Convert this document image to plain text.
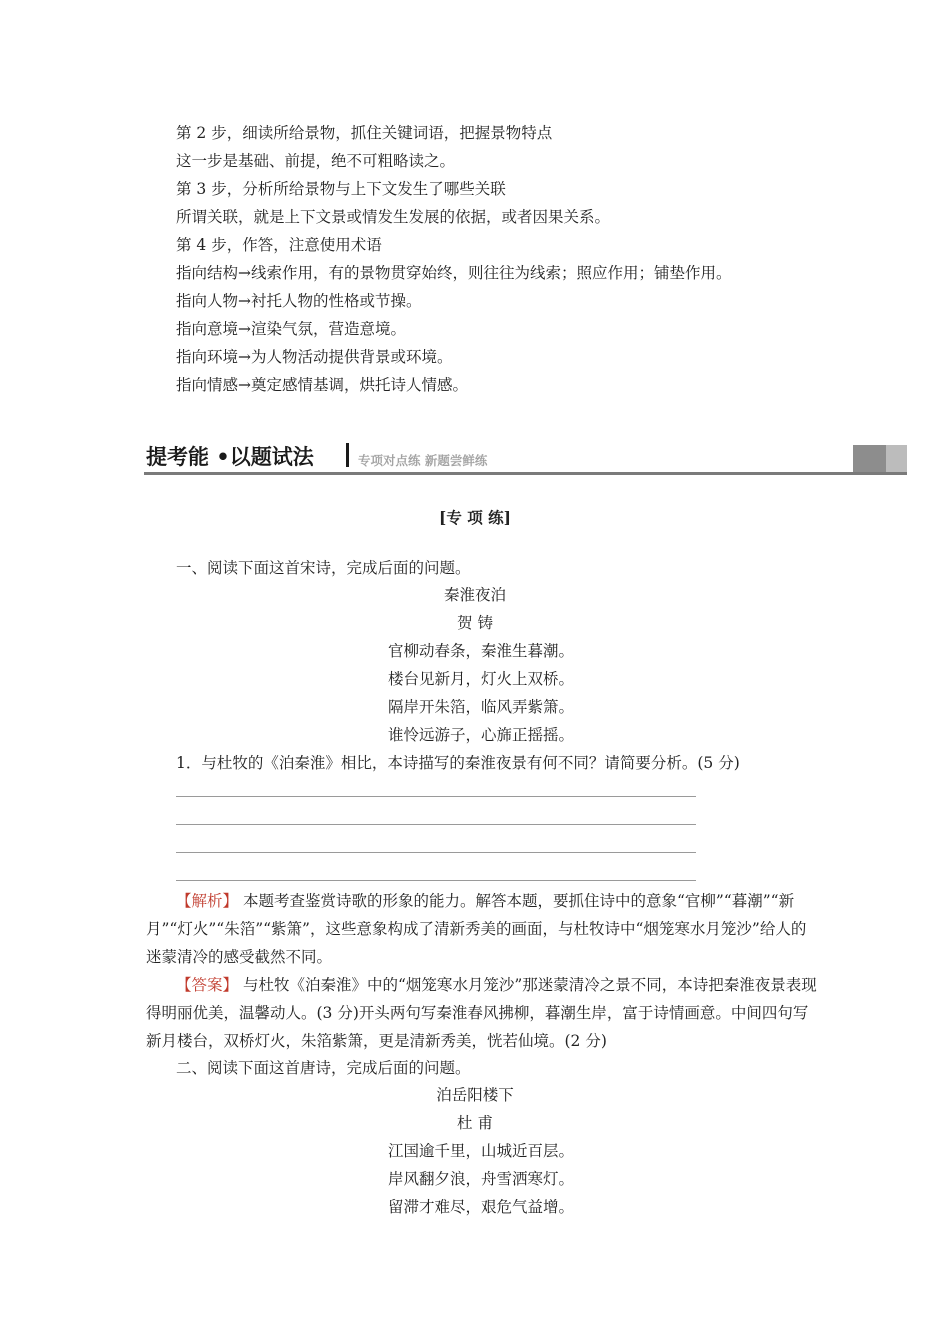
第 2 步，细读所给景物，抓住关键词语，把握景物特点
这一步是基础、前提，绝不可粗略读之。
第 3 步，分析所给景物与上下文发生了哪些关联
所谓关联，就是上下文景或情发生发展的依据，或者因果关系。
第 4 步，作答，注意使用术语
指向结构→线索作用，有的景物贯穿始终，则往往为线索；照应作用；铺垫作用。
指向人物→衬托人物的性格或节操。
指向意境→渲染气氛，营造意境。
指向环境→为人物活动提供背景或环境。
指向情感→奠定感情基调，烘托诗人情感。
提考能 •以题试法	专项对点练 新题尝鲜练
[专 项 练]
一、阅读下面这首宋诗，完成后面的问题。
秦淮夜泊
贺 铸
官柳动春条，秦淮生暮潮。
楼台见新月，灯火上双桥。
隔岸开朱箔，临风弄紫箫。
谁怜远游子，心旆正摇摇。
1．与杜牧的《泊秦淮》相比，本诗描写的秦淮夜景有何不同？请简要分析。(5 分)
【解析】 本题考查鉴赏诗歌的形象的能力。解答本题，要抓住诗中的意象“官柳”“暮潮”“新月”“灯火”“朱箔”“紫箫”，这些意象构成了清新秀美的画面，与杜牧诗中“烟笼寒水月笼沙”给人的迷蒙清冷的感受截然不同。
【答案】 与杜牧《泊秦淮》中的“烟笼寒水月笼沙”那迷蒙清冷之景不同，本诗把秦淮夜景表现得明丽优美，温馨动人。(3 分)开头两句写秦淮春风拂柳，暮潮生岸，富于诗情画意。中间四句写新月楼台，双桥灯火，朱箔紫箫，更是清新秀美，恍若仙境。(2 分)
二、阅读下面这首唐诗，完成后面的问题。
泊岳阳楼下
杜 甫
江国逾千里，山城近百层。
岸风翻夕浪，舟雪洒寒灯。
留滞才难尽，艰危气益增。
